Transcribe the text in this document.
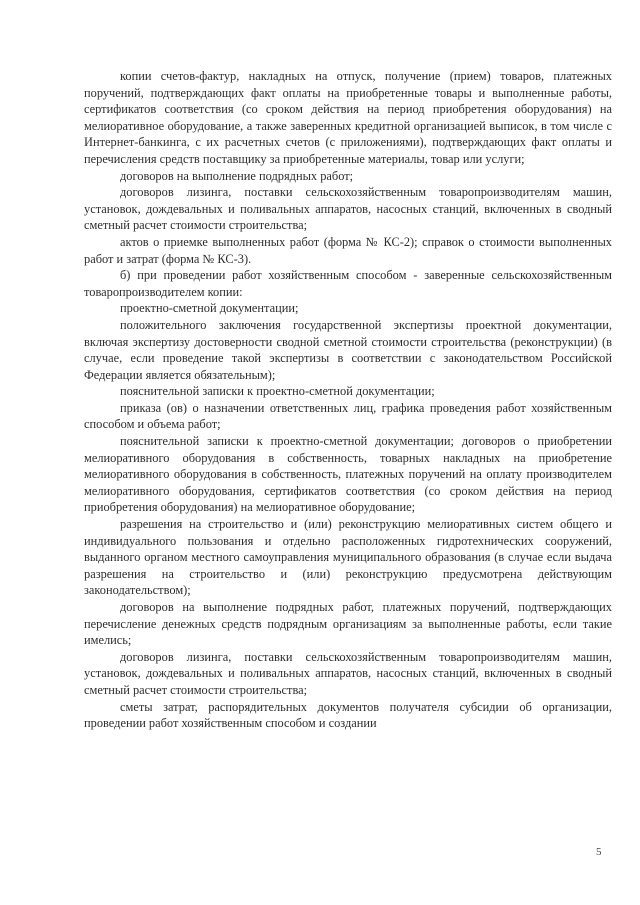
копии счетов-фактур, накладных на отпуск, получение (прием) товаров, платежных поручений, подтверждающих факт оплаты на приобретенные товары и выполненные работы, сертификатов соответствия (со сроком действия на период приобретения оборудования) на мелиоративное оборудование, а также заверенных кредитной организацией выписок, в том числе с Интернет-банкинга, с их расчетных счетов (с приложениями), подтверждающих факт оплаты и перечисления средств поставщику за приобретенные материалы, товар или услуги;

договоров на выполнение подрядных работ;

договоров лизинга, поставки сельскохозяйственным товаропроизводителям машин, установок, дождевальных и поливальных аппаратов, насосных станций, включенных в сводный сметный расчет стоимости строительства;

актов о приемке выполненных работ (форма № КС-2); справок о стоимости выполненных работ и затрат (форма № КС-3).

б) при проведении работ хозяйственным способом - заверенные сельскохозяйственным товаропроизводителем копии:

проектно-сметной документации;

положительного заключения государственной экспертизы проектной документации, включая экспертизу достоверности сводной сметной стоимости строительства (реконструкции) (в случае, если проведение такой экспертизы в соответствии с законодательством Российской Федерации является обязательным);

пояснительной записки к проектно-сметной документации;

приказа (ов) о назначении ответственных лиц, графика проведения работ хозяйственным способом и объема работ;

пояснительной записки к проектно-сметной документации; договоров о приобретении мелиоративного оборудования в собственность, товарных накладных на приобретение мелиоративного оборудования в собственность, платежных поручений на оплату производителем мелиоративного оборудования, сертификатов соответствия (со сроком действия на период приобретения оборудования) на мелиоративное оборудование;

разрешения на строительство и (или) реконструкцию мелиоративных систем общего и индивидуального пользования и отдельно расположенных гидротехнических сооружений, выданного органом местного самоуправления муниципального образования (в случае если выдача разрешения на строительство и (или) реконструкцию предусмотрена действующим законодательством);

договоров на выполнение подрядных работ, платежных поручений, подтверждающих перечисление денежных средств подрядным организациям за выполненные работы, если такие имелись;

договоров лизинга, поставки сельскохозяйственным товаропроизводителям машин, установок, дождевальных и поливальных аппаратов, насосных станций, включенных в сводный сметный расчет стоимости строительства;

сметы затрат, распорядительных документов получателя субсидии об организации, проведении работ хозяйственным способом и создании

5
